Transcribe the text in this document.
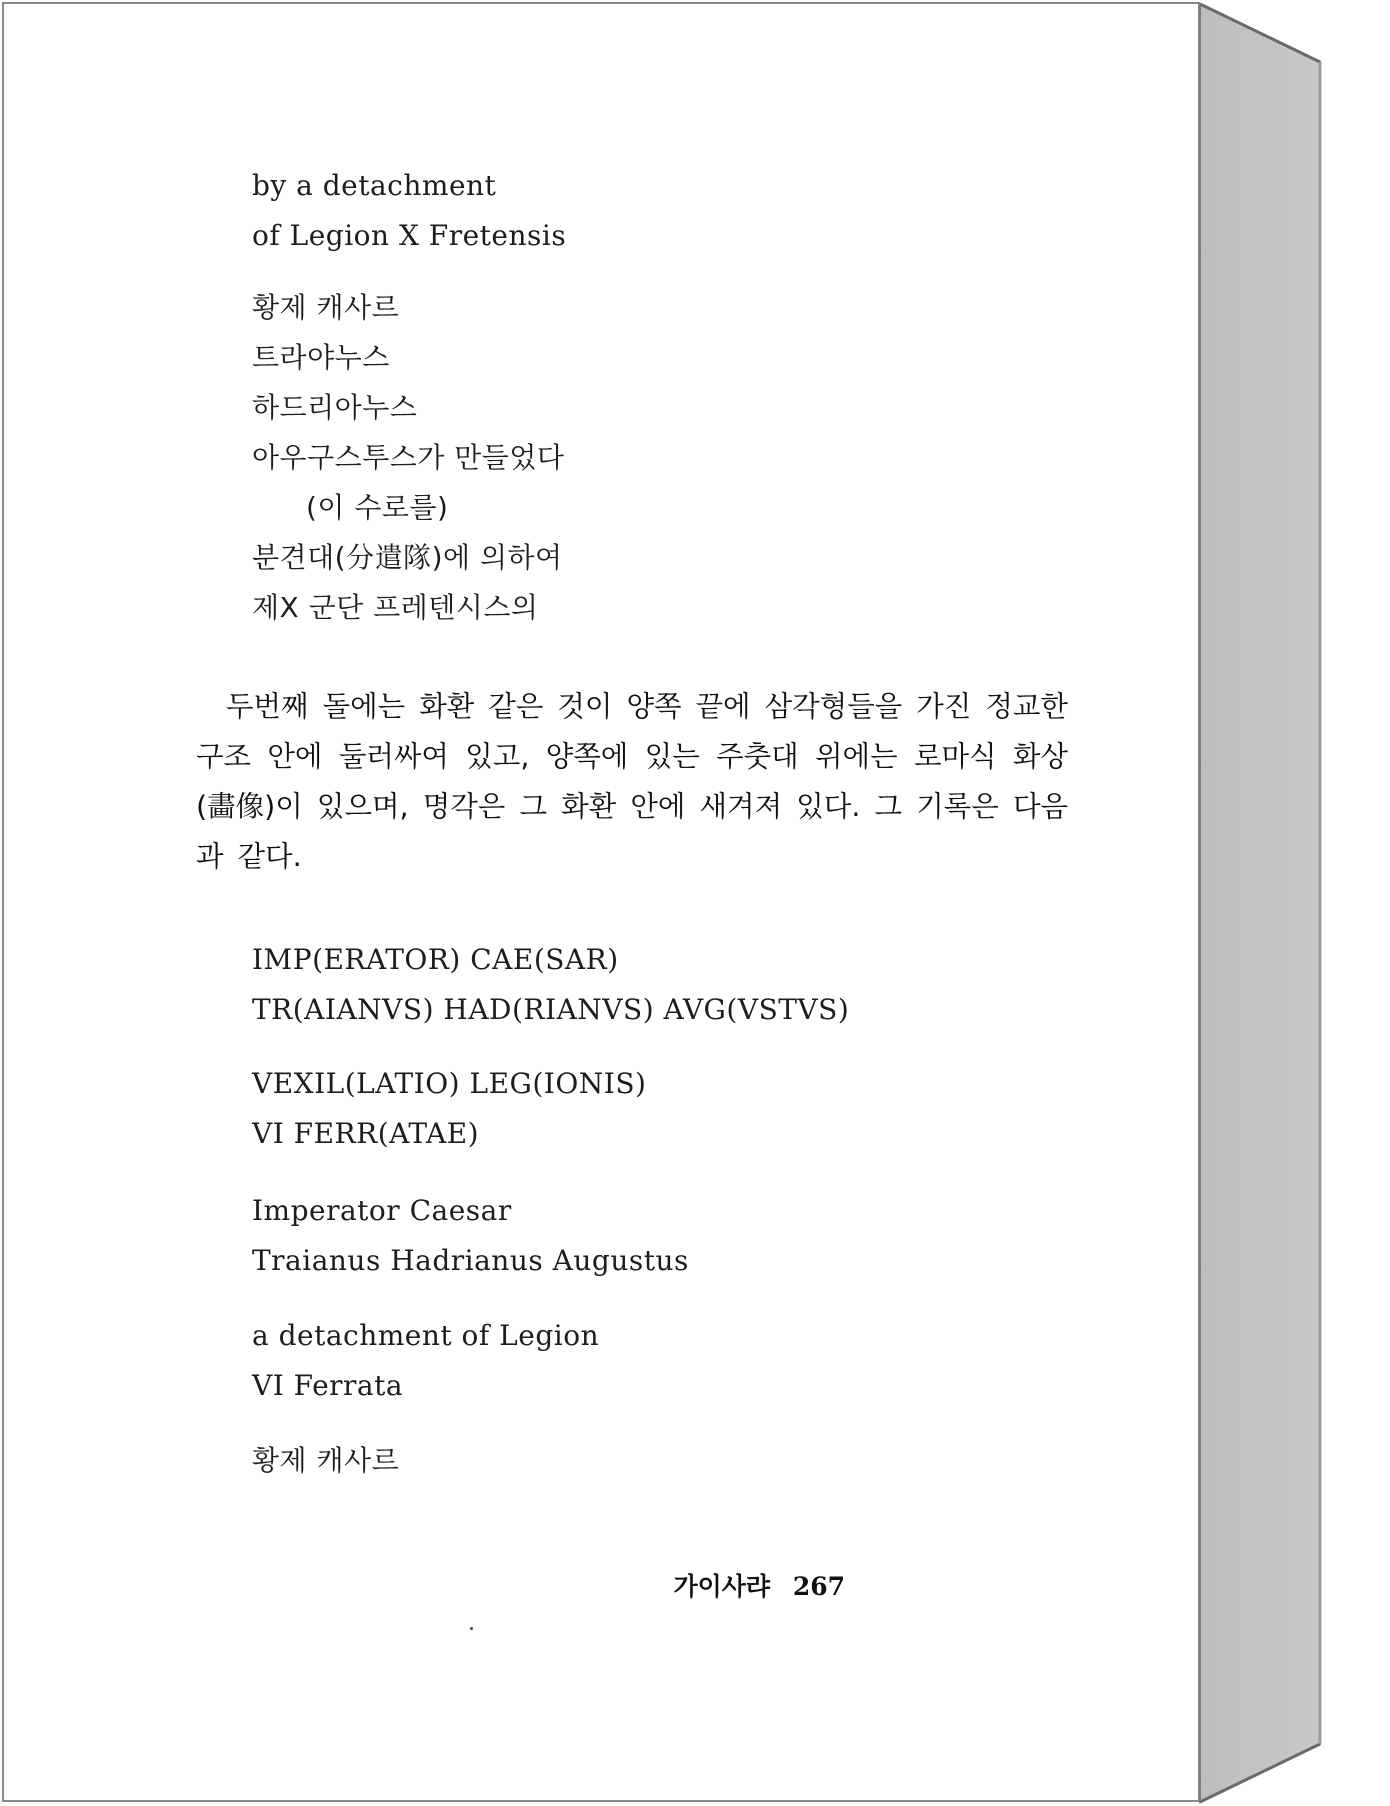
by a detachment
of Legion X Fretensis
황제 캐사르
트라야누스
하드리아누스
아우구스투스가 만들었다
(이 수로를)
분견대(分遣隊)에 의하여
제X 군단 프레텐시스의
두번째 돌에는 화환 같은 것이 양쪽 끝에 삼각형들을 가진 정교한
구조 안에 둘러싸여 있고, 양쪽에 있는 주춧대 위에는 로마식 화상
(畵像)이 있으며, 명각은 그 화환 안에 새겨져 있다. 그 기록은 다음
과 같다.
IMP(ERATOR) CAE(SAR)
TR(AIANVS) HAD(RIANVS) AVG(VSTVS)
VEXIL(LATIO) LEG(IONIS)
VI FERR(ATAE)
Imperator Caesar
Traianus Hadrianus Augustus
a detachment of Legion
VI Ferrata
황제 캐사르
가이사랴 267
